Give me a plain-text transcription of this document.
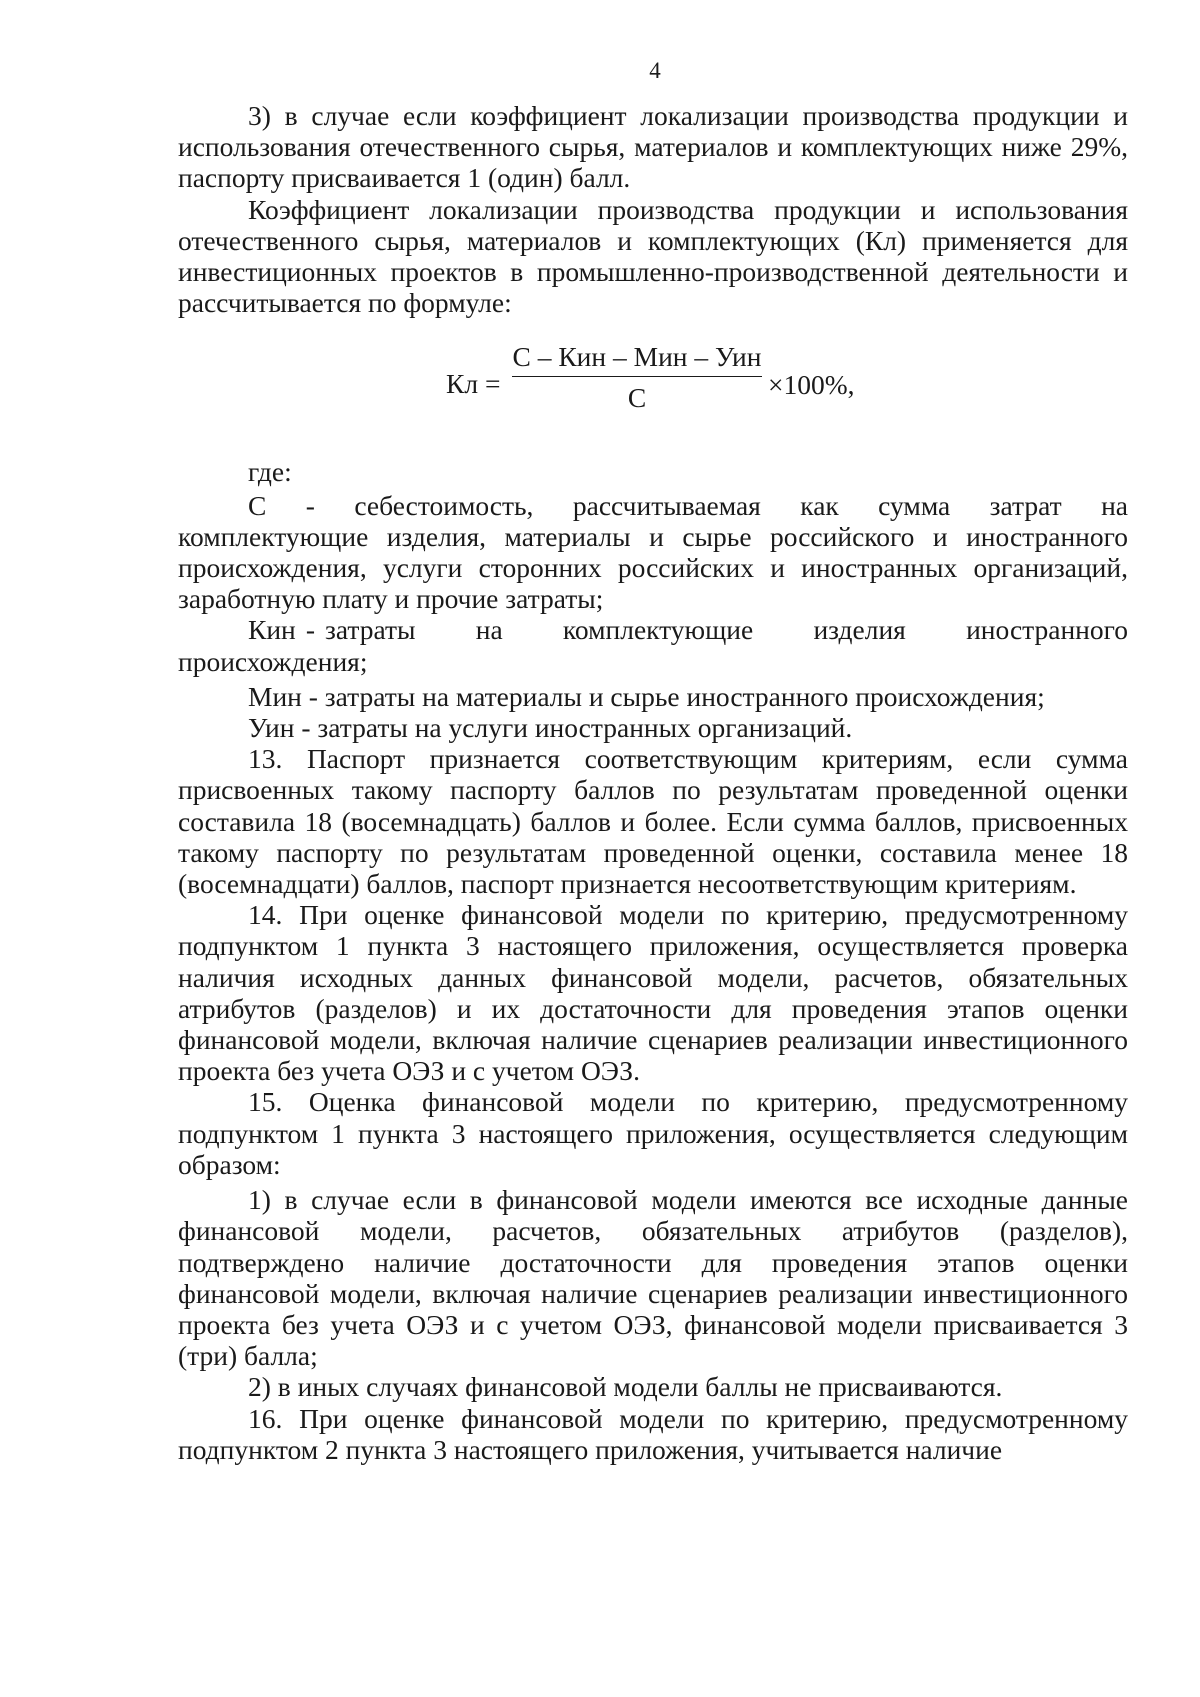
4

3) в случае если коэффициент локализации производства продукции и использования отечественного сырья, материалов и комплектующих ниже 29%, паспорту присваивается 1 (один) балл.

Коэффициент локализации производства продукции и использования отечественного сырья, материалов и комплектующих (Кл) применяется для инвестиционных проектов в промышленно-производственной деятельности и рассчитывается по формуле:

Кл =
С – Кин – Мин – Уин
С	×100%,

где:

С   -   себестоимость,   рассчитываемая   как   сумма   затрат   на

комплектующие изделия, материалы и сырье российского и иностранного происхождения, услуги сторонних российских и иностранных организаций, заработную плату и прочие затраты;

Кин - затраты      на      комплектующие      изделия      иностранного

происхождения;

Мин - затраты на материалы и сырье иностранного происхождения;

Уин - затраты на услуги иностранных организаций.

13. Паспорт признается соответствующим критериям, если сумма присвоенных такому паспорту баллов по результатам проведенной оценки составила 18 (восемнадцать) баллов и более. Если сумма баллов, присвоенных такому паспорту по результатам проведенной оценки, составила менее 18 (восемнадцати) баллов, паспорт признается несоответствующим критериям.

14. При оценке финансовой модели по критерию, предусмотренному подпунктом 1 пункта 3 настоящего приложения, осуществляется проверка наличия исходных данных финансовой модели, расчетов, обязательных атрибутов (разделов) и их достаточности для проведения этапов оценки финансовой модели, включая наличие сценариев реализации инвестиционного проекта без учета ОЭЗ и с учетом ОЭЗ.

15. Оценка финансовой модели по критерию, предусмотренному подпунктом 1 пункта 3 настоящего приложения, осуществляется следующим образом:

1) в случае если в финансовой модели имеются все исходные данные финансовой модели, расчетов, обязательных атрибутов (разделов), подтверждено наличие достаточности для проведения этапов оценки финансовой модели, включая наличие сценариев реализации инвестиционного проекта без учета ОЭЗ и с учетом ОЭЗ, финансовой модели присваивается 3 (три) балла;

2) в иных случаях финансовой модели баллы не присваиваются.

16. При оценке финансовой модели по критерию, предусмотренному подпунктом 2 пункта 3 настоящего приложения, учитывается наличие
